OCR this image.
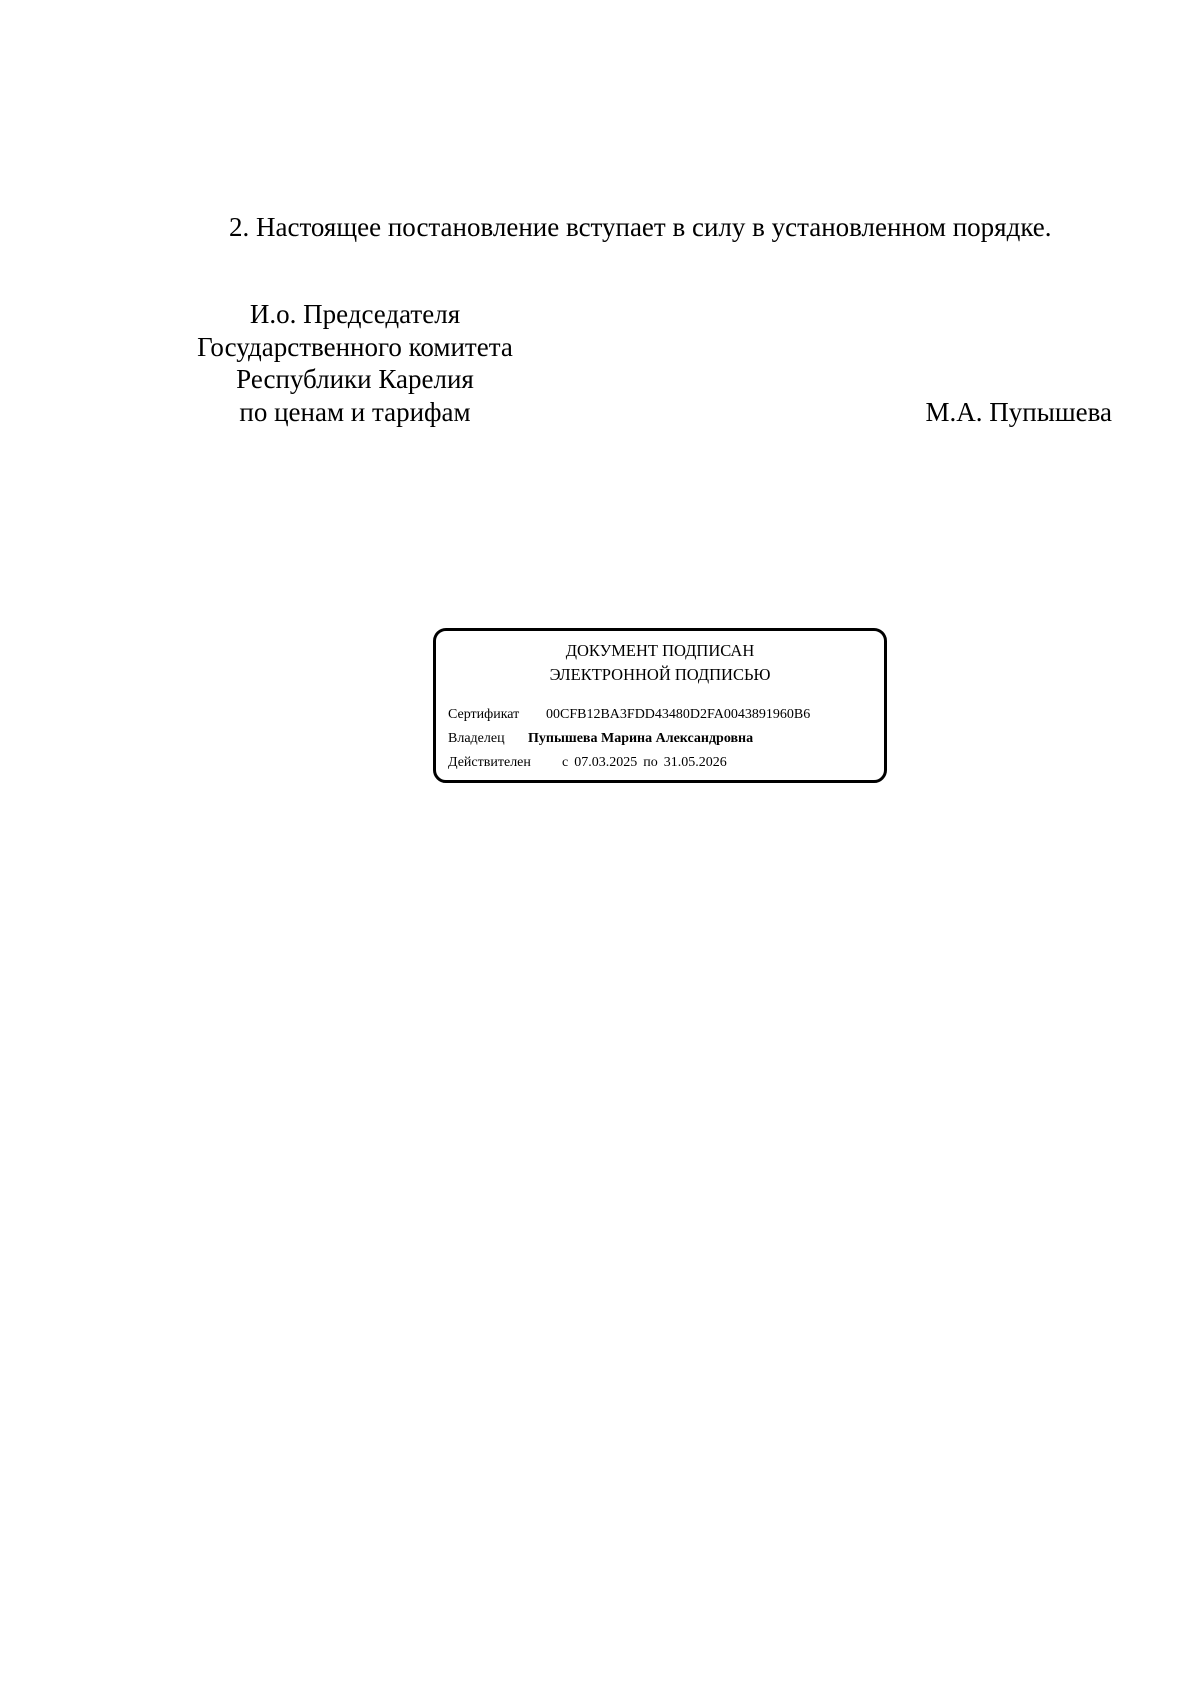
2. Настоящее постановление вступает в силу в установленном порядке.
И.о. Председателя
Государственного комитета
Республики Карелия
по ценам и тарифам	М.А. Пупышева
ДОКУМЕНТ ПОДПИСАН
ЭЛЕКТРОННОЙ ПОДПИСЬЮ
Сертификат 00CFB12BA3FDD43480D2FA0043891960B6
Владелец Пупышева Марина Александровна
Действителен с 07.03.2025 по 31.05.2026
